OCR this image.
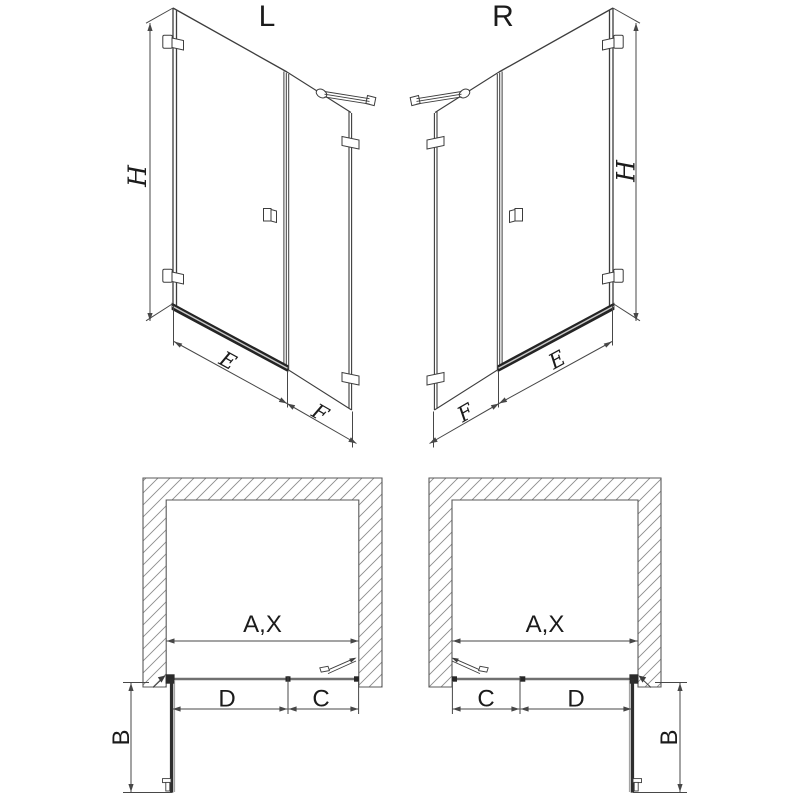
L	R
H	H
E
F
E
F
A,X
D	C
B
A,X
C	D
B
